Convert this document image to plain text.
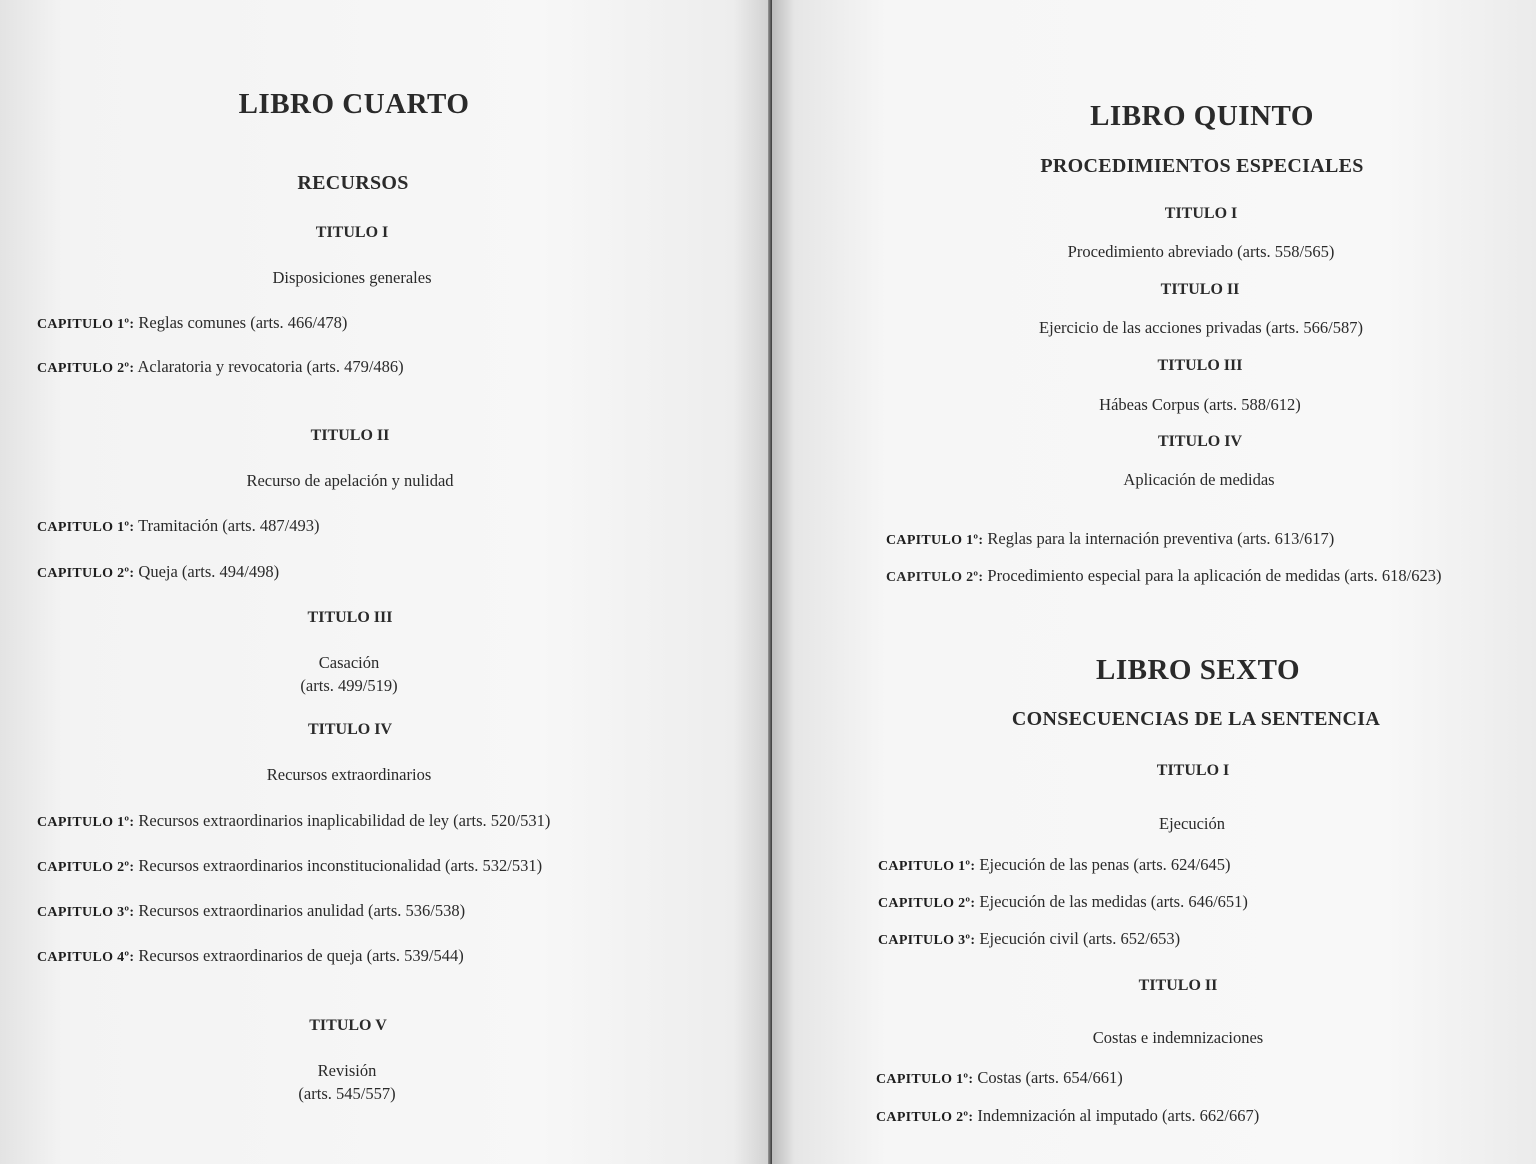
LIBRO CUARTO
RECURSOS
TITULO I
Disposiciones generales
CAPITULO 1º: Reglas comunes (arts. 466/478)
CAPITULO 2º: Aclaratoria y revocatoria (arts. 479/486)
TITULO II
Recurso de apelación y nulidad
CAPITULO 1º: Tramitación (arts. 487/493)
CAPITULO 2º: Queja (arts. 494/498)
TITULO III
Casación
(arts. 499/519)
TITULO IV
Recursos extraordinarios
CAPITULO 1º: Recursos extraordinarios inaplicabilidad de ley (arts. 520/531)
CAPITULO 2º: Recursos extraordinarios inconstitucionalidad (arts. 532/531)
CAPITULO 3º: Recursos extraordinarios anulidad (arts. 536/538)
CAPITULO 4º: Recursos extraordinarios de queja (arts. 539/544)
TITULO V
Revisión
(arts. 545/557)
LIBRO QUINTO
PROCEDIMIENTOS ESPECIALES
TITULO I
Procedimiento abreviado (arts. 558/565)
TITULO II
Ejercicio de las acciones privadas (arts. 566/587)
TITULO III
Hábeas Corpus (arts. 588/612)
TITULO IV
Aplicación de medidas
CAPITULO 1º: Reglas para la internación preventiva (arts. 613/617)
CAPITULO 2º: Procedimiento especial para la aplicación de medidas (arts. 618/623)
LIBRO SEXTO
CONSECUENCIAS DE LA SENTENCIA
TITULO I
Ejecución
CAPITULO 1º: Ejecución de las penas (arts. 624/645)
CAPITULO 2º: Ejecución de las medidas (arts. 646/651)
CAPITULO 3º: Ejecución civil (arts. 652/653)
TITULO II
Costas e indemnizaciones
CAPITULO 1º: Costas (arts. 654/661)
CAPITULO 2º: Indemnización al imputado (arts. 662/667)
